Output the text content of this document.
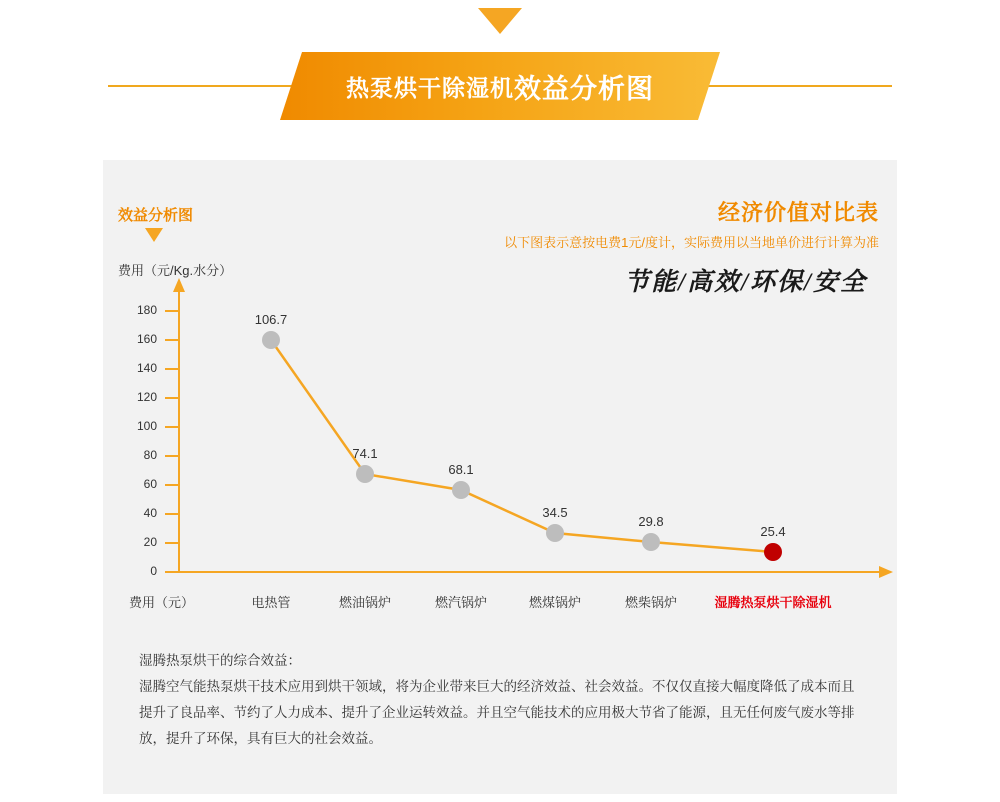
热泵烘干除湿机 效益分析图
效益分析图	经济价值对比表
以下图表示意按电费1元/度计，实际费用以当地单价进行计算为准
节能/高效/环保/安全
费用（元/Kg.水分）
费用（元）
180
160
140
120
100
80
60
40
20
0
106.7
74.1
68.1
34.5
29.8
25.4
电热管	燃油锅炉	燃汽锅炉	燃煤锅炉	燃柴锅炉	湿腾热泵烘干除湿机
湿腾热泵烘干的综合效益：
湿腾空气能热泵烘干技术应用到烘干领域，将为企业带来巨大的经济效益、社会效益。不仅仅直接大幅度降低了成本而且提升了良品率、节约了人力成本、提升了企业运转效益。并且空气能技术的应用极大节省了能源，且无任何废气废水等排放，提升了环保，具有巨大的社会效益。
